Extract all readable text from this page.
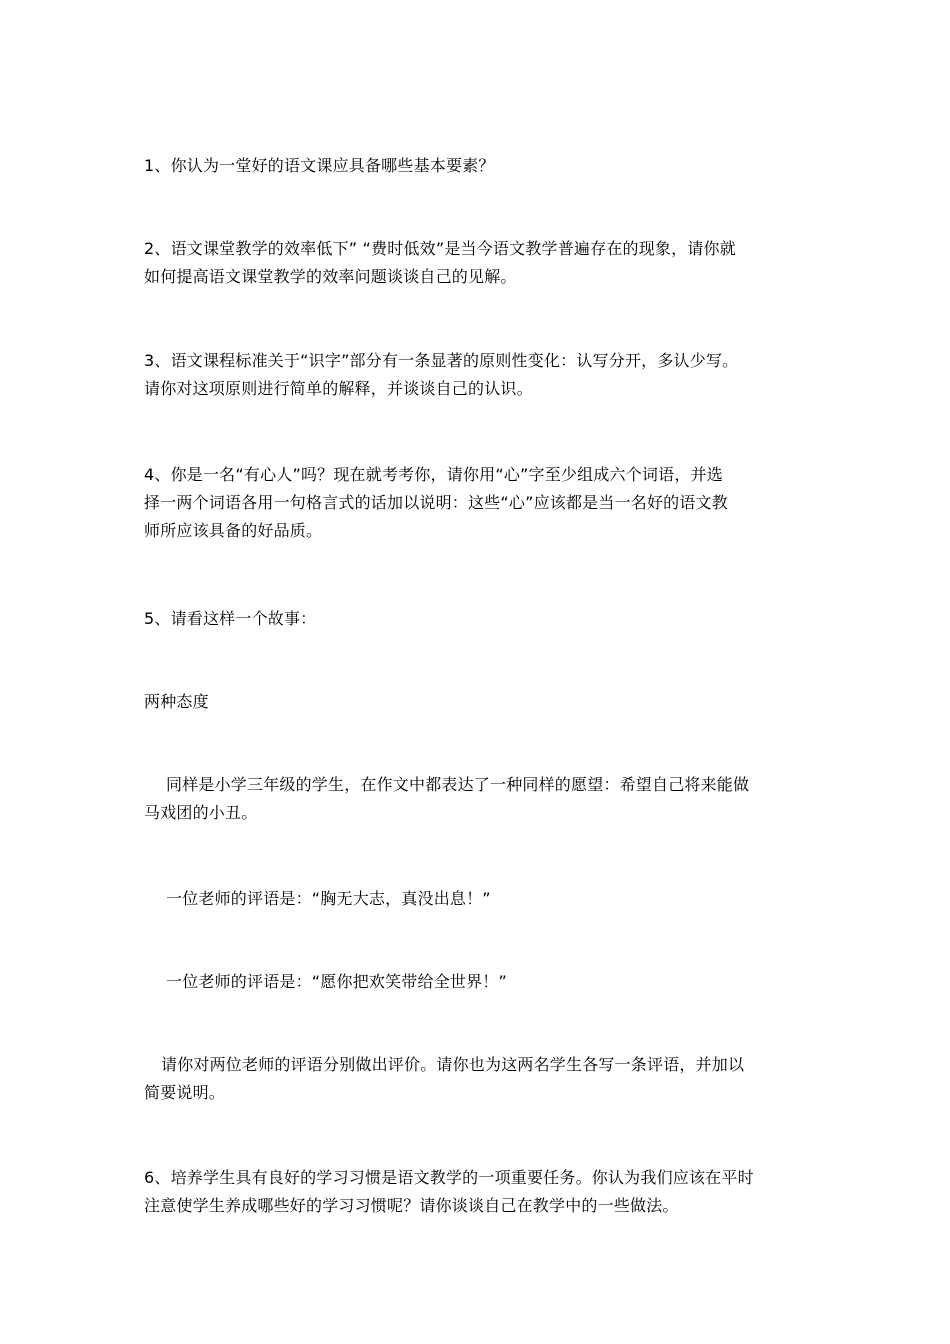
1、你认为一堂好的语文课应具备哪些基本要素？

2、语文课堂教学的效率低下” “费时低效”是当今语文教学普遍存在的现象，请你就
如何提高语文课堂教学的效率问题谈谈自己的见解。

3、语文课程标准关于“识字”部分有一条显著的原则性变化：认写分开，多认少写。
请你对这项原则进行简单的解释，并谈谈自己的认识。

4、你是一名“有心人”吗？现在就考考你，请你用“心”字至少组成六个词语，并选
择一两个词语各用一句格言式的话加以说明：这些“心”应该都是当一名好的语文教
师所应该具备的好品质。

5、请看这样一个故事：

两种态度

同样是小学三年级的学生，在作文中都表达了一种同样的愿望：希望自己将来能做
马戏团的小丑。

一位老师的评语是：“胸无大志，真没出息！”

一位老师的评语是：“愿你把欢笑带给全世界！”

请你对两位老师的评语分别做出评价。请你也为这两名学生各写一条评语，并加以
简要说明。

6、培养学生具有良好的学习习惯是语文教学的一项重要任务。你认为我们应该在平时
注意使学生养成哪些好的学习习惯呢？请你谈谈自己在教学中的一些做法。
